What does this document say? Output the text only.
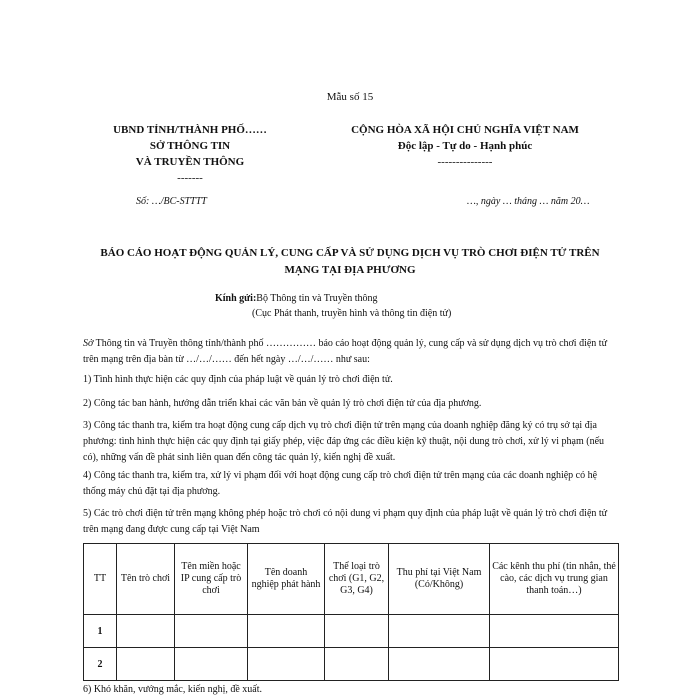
Mẫu số 15
UBND TỈNH/THÀNH PHỐ……
SỞ THÔNG TIN
VÀ TRUYỀN THÔNG
-------
CỘNG HÒA XÃ HỘI CHỦ NGHĨA VIỆT NAM
Độc lập - Tự do - Hạnh phúc
---------------
Số: …/BC-STTTT	…, ngày … tháng … năm 20…
BÁO CÁO HOẠT ĐỘNG QUẢN LÝ, CUNG CẤP VÀ SỬ DỤNG DỊCH VỤ TRÒ CHƠI ĐIỆN TỬ TRÊN
MẠNG TẠI ĐỊA PHƯƠNG
Kính gửi:Bộ Thông tin và Truyền thông
(Cục Phát thanh, truyền hình và thông tin điện tử)
Sở Thông tin và Truyền thông tỉnh/thành phố …………… báo cáo hoạt động quản lý, cung cấp và sử dụng dịch vụ trò chơi điện tử trên mạng trên địa bàn từ …/…/…… đến hết ngày …/…/…… như sau:
1) Tình hình thực hiện các quy định của pháp luật về quản lý trò chơi điện tử.
2) Công tác ban hành, hướng dẫn triển khai các văn bản về quản lý trò chơi điện tử của địa phương.
3) Công tác thanh tra, kiểm tra hoạt động cung cấp dịch vụ trò chơi điện tử trên mạng của doanh nghiệp đăng ký có trụ sở tại địa phương: tình hình thực hiện các quy định tại giấy phép, việc đáp ứng các điều kiện kỹ thuật, nội dung trò chơi, xử lý vi phạm (nếu có), những vấn đề phát sinh liên quan đến công tác quản lý, kiến nghị đề xuất.
4) Công tác thanh tra, kiểm tra, xử lý vi phạm đối với hoạt động cung cấp trò chơi điện tử trên mạng của các doanh nghiệp có hệ thống máy chủ đặt tại địa phương.
5) Các trò chơi điện tử trên mạng không phép hoặc trò chơi có nội dung vi phạm quy định của pháp luật về quản lý trò chơi điện tử trên mạng đang được cung cấp tại Việt Nam
TT	Tên trò chơi	Tên miền hoặc IP cung cấp trò chơi	Tên doanh nghiệp phát hành	Thể loại trò chơi (G1, G2, G3, G4)	Thu phí tại Việt Nam (Có/Không)	Các kênh thu phí (tin nhắn, thẻ cào, các dịch vụ trung gian thanh toán…)
1						
2						
6) Khó khăn, vướng mắc, kiến nghị, đề xuất.
